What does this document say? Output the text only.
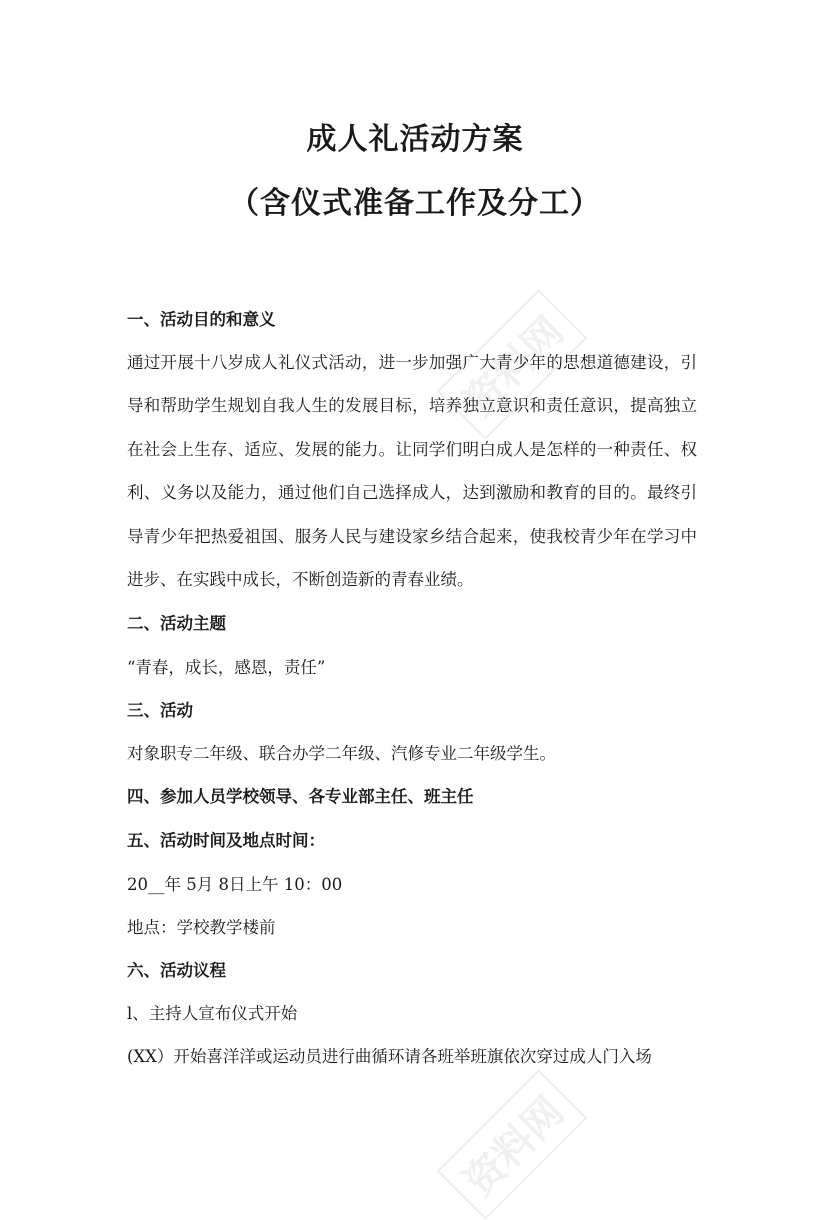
资料网
资料网
成人礼活动方案
（含仪式准备工作及分工）
一、活动目的和意义
通过开展十八岁成人礼仪式活动，进一步加强广大青少年的思想道德建设，引导和帮助学生规划自我人生的发展目标，培养独立意识和责任意识，提高独立在社会上生存、适应、发展的能力。让同学们明白成人是怎样的一种责任、权利、义务以及能力，通过他们自己选择成人，达到激励和教育的目的。最终引导青少年把热爱祖国、服务人民与建设家乡结合起来，使我校青少年在学习中进步、在实践中成长，不断创造新的青春业绩。
二、活动主题
“青春，成长，感恩，责任”
三、活动
对象职专二年级、联合办学二年级、汽修专业二年级学生。
四、参加人员学校领导、各专业部主任、班主任
五、活动时间及地点时间：
20__年 5月 8日上午 10：00
地点：学校教学楼前
六、活动议程
l、主持人宣布仪式开始
(XX）开始喜洋洋或运动员进行曲循环请各班举班旗依次穿过成人门入场
